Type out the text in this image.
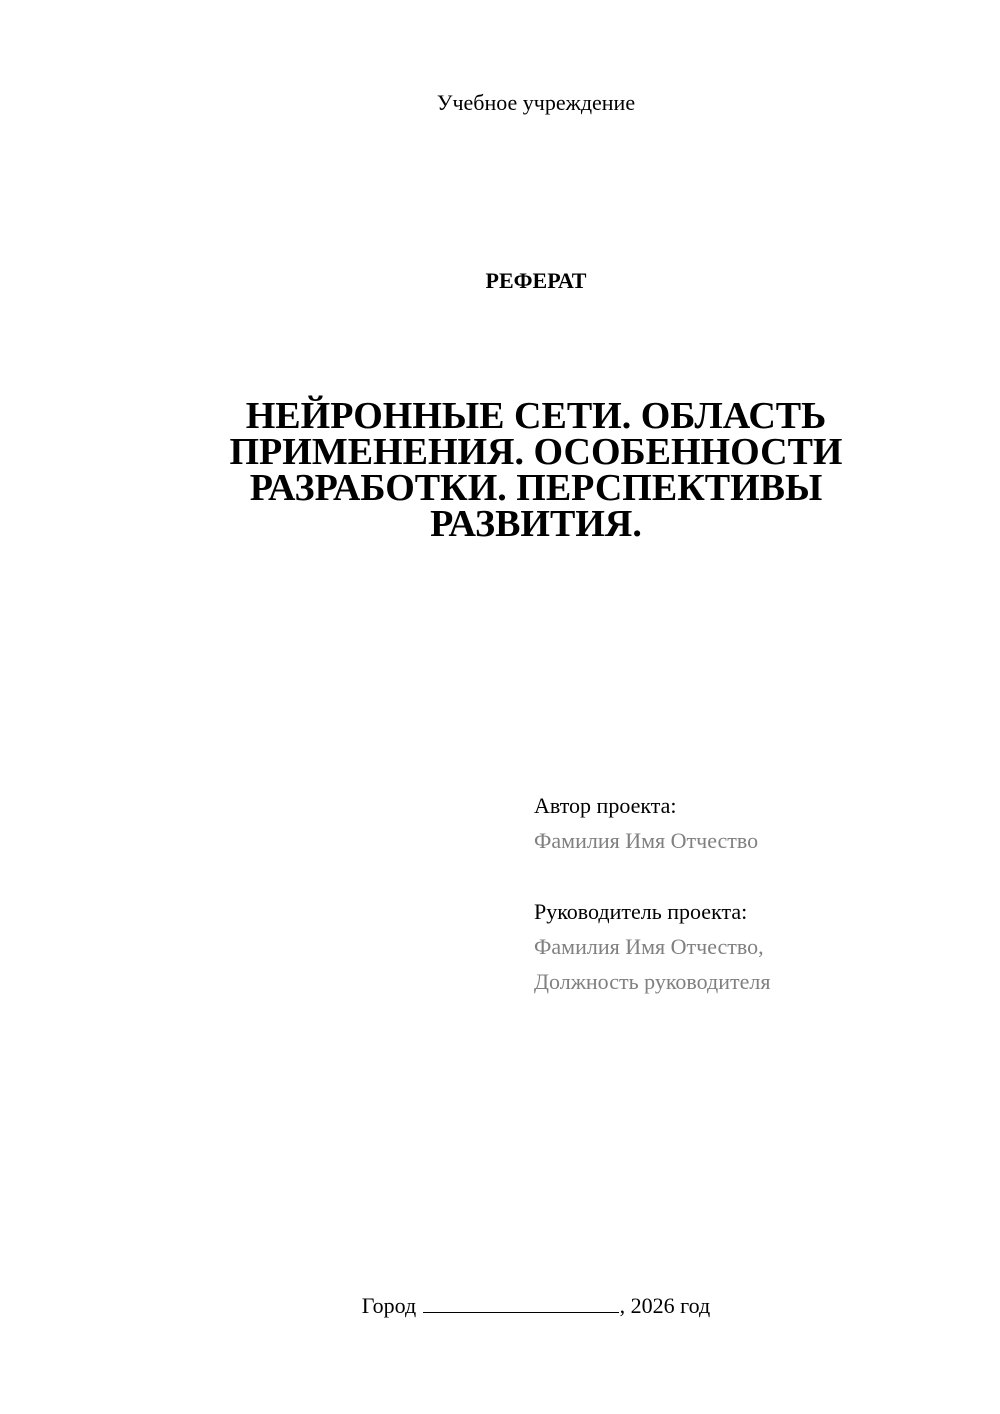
Учебное учреждение
РЕФЕРАТ
НЕЙРОННЫЕ СЕТИ. ОБЛАСТЬ
ПРИМЕНЕНИЯ. ОСОБЕННОСТИ
РАЗРАБОТКИ. ПЕРСПЕКТИВЫ
РАЗВИТИЯ.
Автор проекта:
Фамилия Имя Отчество
Руководитель проекта:
Фамилия Имя Отчество,
Должность руководителя
Город	, 2026 год
